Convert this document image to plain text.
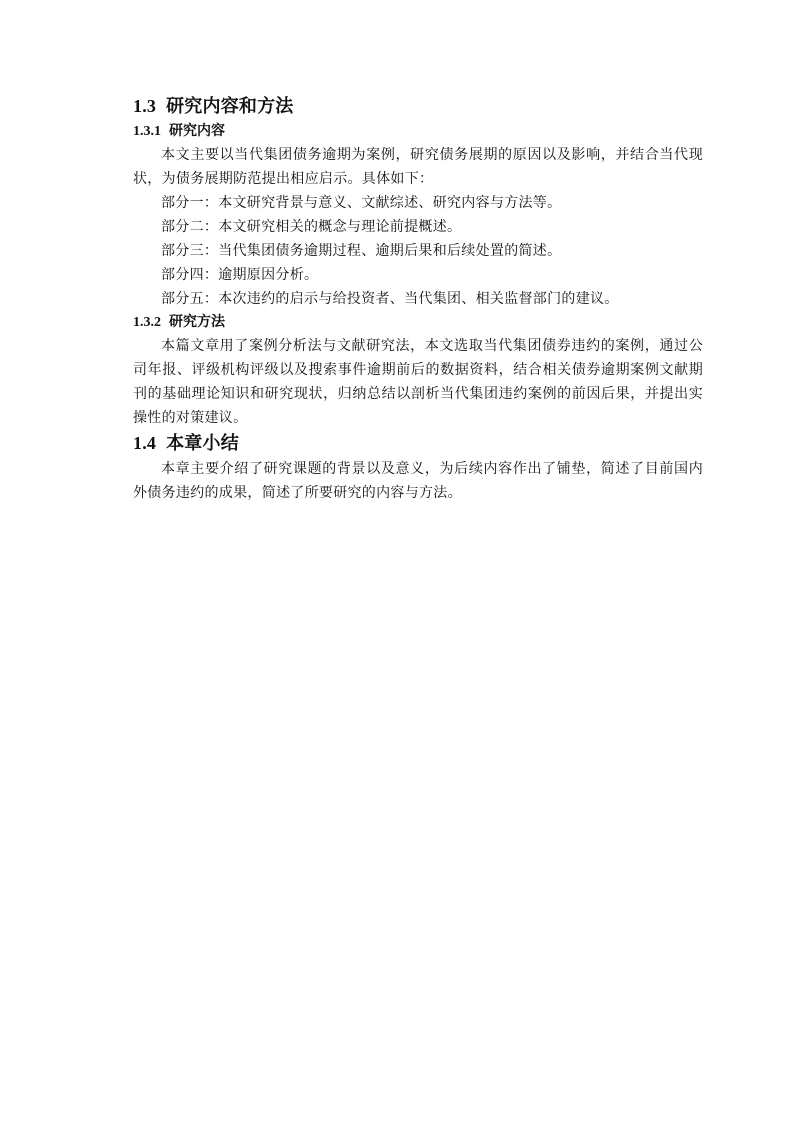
1.3 研究内容和方法
1.3.1 研究内容

本文主要以当代集团债务逾期为案例，研究债务展期的原因以及影响，并结合当代现状，为债务展期防范提出相应启示。具体如下：

部分一：本文研究背景与意义、文献综述、研究内容与方法等。

部分二：本文研究相关的概念与理论前提概述。

部分三：当代集团债务逾期过程、逾期后果和后续处置的简述。

部分四：逾期原因分析。

部分五：本次违约的启示与给投资者、当代集团、相关监督部门的建议。

1.3.2 研究方法

本篇文章用了案例分析法与文献研究法，本文选取当代集团债券违约的案例，通过公司年报、评级机构评级以及搜索事件逾期前后的数据资料，结合相关债券逾期案例文献期刊的基础理论知识和研究现状，归纳总结以剖析当代集团违约案例的前因后果，并提出实操性的对策建议。

1.4 本章小结

本章主要介绍了研究课题的背景以及意义，为后续内容作出了铺垫，简述了目前国内外债务违约的成果，简述了所要研究的内容与方法。
